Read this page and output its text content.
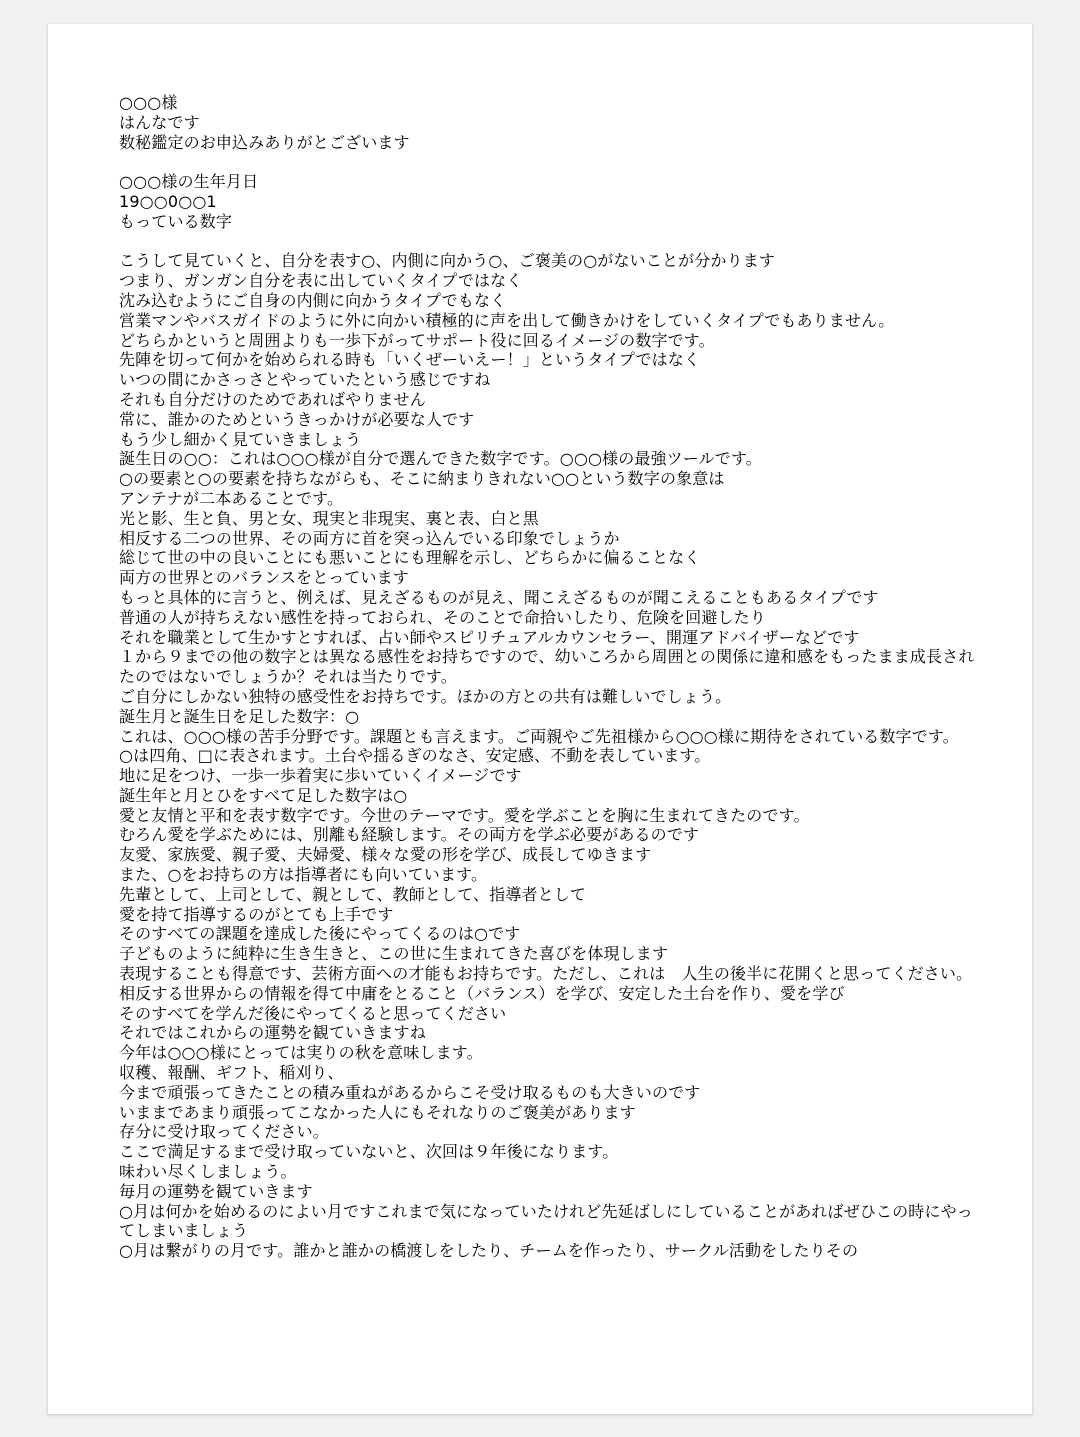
○○○様
はんなです
数秘鑑定のお申込みありがとございます
○○○様の生年月日
19○○0○○1
もっている数字
こうして見ていくと、自分を表す○、内側に向かう○、ご褒美の○がないことが分かります
つまり、ガンガン自分を表に出していくタイプではなく
沈み込むようにご自身の内側に向かうタイプでもなく
営業マンやバスガイドのように外に向かい積極的に声を出して働きかけをしていくタイプでもありません。
どちらかというと周囲よりも一歩下がってサポート役に回るイメージの数字です。
先陣を切って何かを始められる時も「いくぜーいえー！」というタイプではなく
いつの間にかさっさとやっていたという感じですね
それも自分だけのためであればやりません
常に、誰かのためというきっかけが必要な人です
もう少し細かく見ていきましょう
誕生日の○○：これは○○○様が自分で選んできた数字です。○○○様の最強ツールです。
○の要素と○の要素を持ちながらも、そこに納まりきれない○○という数字の象意は
アンテナが二本あることです。
光と影、生と負、男と女、現実と非現実、裏と表、白と黒
相反する二つの世界、その両方に首を突っ込んでいる印象でしょうか
総じて世の中の良いことにも悪いことにも理解を示し、どちらかに偏ることなく
両方の世界とのバランスをとっています
もっと具体的に言うと、例えば、見えざるものが見え、聞こえざるものが聞こえることもあるタイプです
普通の人が持ちえない感性を持っておられ、そのことで命拾いしたり、危険を回避したり
それを職業として生かすとすれば、占い師やスピリチュアルカウンセラー、開運アドバイザーなどです
１から９までの他の数字とは異なる感性をお持ちですので、幼いころから周囲との関係に違和感をもったまま成長されたのではないでしょうか？それは当たりです。
ご自分にしかない独特の感受性をお持ちです。ほかの方との共有は難しいでしょう。
誕生月と誕生日を足した数字：○
これは、○○○様の苦手分野です。課題とも言えます。ご両親やご先祖様から○○○様に期待をされている数字です。
○は四角、□に表されます。土台や揺るぎのなさ、安定感、不動を表しています。
地に足をつけ、一歩一歩着実に歩いていくイメージです
誕生年と月とひをすべて足した数字は○
愛と友情と平和を表す数字です。今世のテーマです。愛を学ぶことを胸に生まれてきたのです。
むろん愛を学ぶためには、別離も経験します。その両方を学ぶ必要があるのです
友愛、家族愛、親子愛、夫婦愛、様々な愛の形を学び、成長してゆきます
また、○をお持ちの方は指導者にも向いています。
先輩として、上司として、親として、教師として、指導者として
愛を持て指導するのがとても上手です
そのすべての課題を達成した後にやってくるのは○です
子どものように純粋に生き生きと、この世に生まれてきた喜びを体現します
表現することも得意です、芸術方面への才能もお持ちです。ただし、これは　人生の後半に花開くと思ってください。
相反する世界からの情報を得て中庸をとること（バランス）を学び、安定した土台を作り、愛を学び
そのすべてを学んだ後にやってくると思ってください
それではこれからの運勢を観ていきますね
今年は○○○様にとっては実りの秋を意味します。
収穫、報酬、ギフト、稲刈り、
今まで頑張ってきたことの積み重ねがあるからこそ受け取るものも大きいのです
いままであまり頑張ってこなかった人にもそれなりのご褒美があります
存分に受け取ってください。
ここで満足するまで受け取っていないと、次回は９年後になります。
味わい尽くしましょう。
毎月の運勢を観ていきます
○月は何かを始めるのによい月ですこれまで気になっていたけれど先延ばしにしていることがあればぜひこの時にやってしまいましょう
○月は繋がりの月です。誰かと誰かの橋渡しをしたり、チームを作ったり、サークル活動をしたりその
